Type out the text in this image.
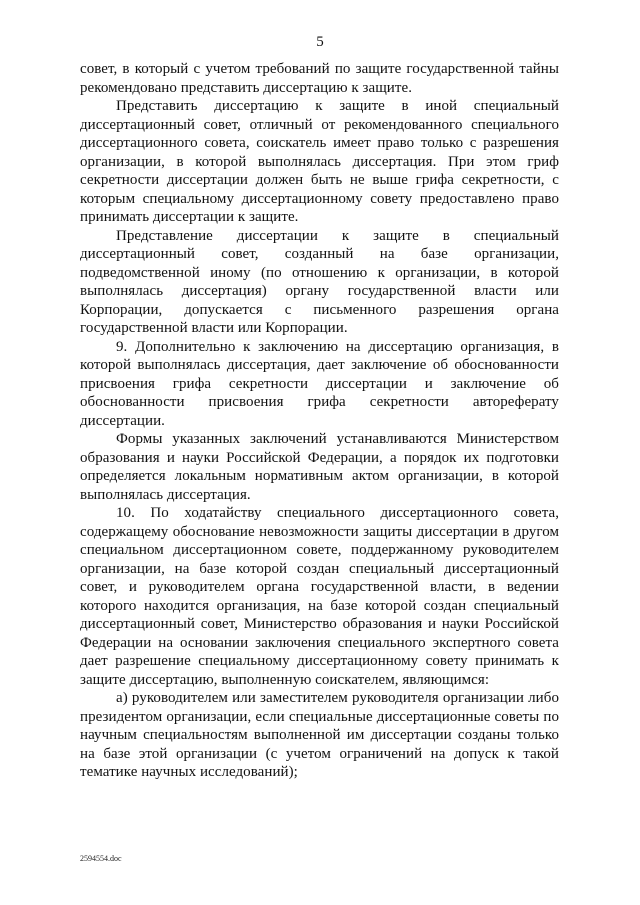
5

совет, в который с учетом требований по защите государственной тайны рекомендовано представить диссертацию к защите.

Представить диссертацию к защите в иной специальный диссертационный совет, отличный от рекомендованного специального диссертационного совета, соискатель имеет право только с разрешения организации, в которой выполнялась диссертация. При этом гриф секретности диссертации должен быть не выше грифа секретности, с которым специальному диссертационному совету предоставлено право принимать диссертации к защите.

Представление диссертации к защите в специальный диссертационный совет, созданный на базе организации, подведомственной иному (по отношению к организации, в которой выполнялась диссертация) органу государственной власти или Корпорации, допускается с письменного разрешения органа государственной власти или Корпорации.

9. Дополнительно к заключению на диссертацию организация, в которой выполнялась диссертация, дает заключение об обоснованности присвоения грифа секретности диссертации и заключение об обоснованности присвоения грифа секретности автореферату диссертации.

Формы указанных заключений устанавливаются Министерством образования и науки Российской Федерации, а порядок их подготовки определяется локальным нормативным актом организации, в которой выполнялась диссертация.

10. По ходатайству специального диссертационного совета, содержащему обоснование невозможности защиты диссертации в другом специальном диссертационном совете, поддержанному руководителем организации, на базе которой создан специальный диссертационный совет, и руководителем органа государственной власти, в ведении которого находится организация, на базе которой создан специальный диссертационный совет, Министерство образования и науки Российской Федерации на основании заключения специального экспертного совета дает разрешение специальному диссертационному совету принимать к защите диссертацию, выполненную соискателем, являющимся:

а) руководителем или заместителем руководителя организации либо президентом организации, если специальные диссертационные советы по научным специальностям выполненной им диссертации созданы только на базе этой организации (с учетом ограничений на допуск к такой тематике научных исследований);

2594554.doc
